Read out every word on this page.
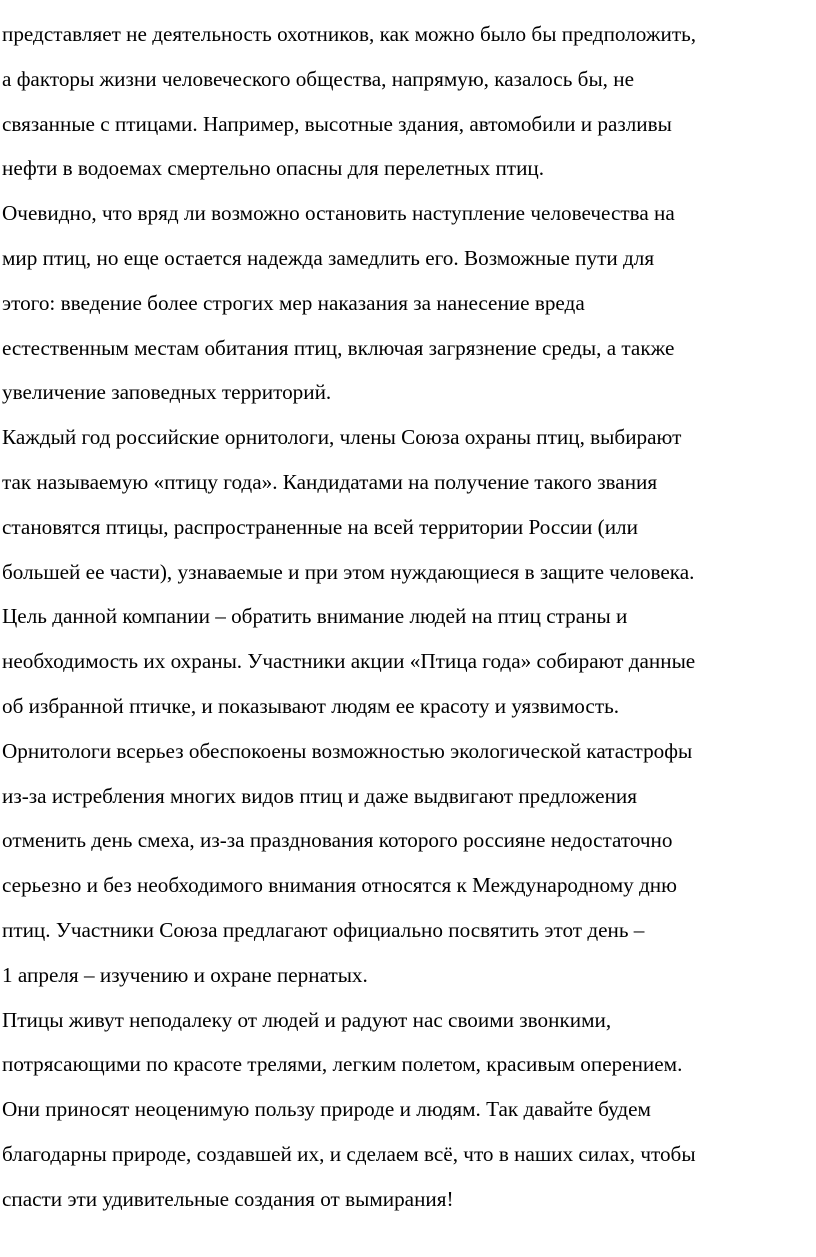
представляет не деятельность охотников, как можно было бы предположить,
а факторы жизни человеческого общества, напрямую, казалось бы, не
связанные с птицами. Например, высотные здания, автомобили и разливы
нефти в водоемах смертельно опасны для перелетных птиц.
Очевидно, что вряд ли возможно остановить наступление человечества на
мир птиц, но еще остается надежда замедлить его. Возможные пути для
этого: введение более строгих мер наказания за нанесение вреда
естественным местам обитания птиц, включая загрязнение среды, а также
увеличение заповедных территорий.
Каждый год российские орнитологи, члены Союза охраны птиц, выбирают
так называемую «птицу года». Кандидатами на получение такого звания
становятся птицы, распространенные на всей территории России (или
большей ее части), узнаваемые и при этом нуждающиеся в защите человека.
Цель данной компании – обратить внимание людей на птиц страны и
необходимость их охраны. Участники акции «Птица года» собирают данные
об избранной птичке, и показывают людям ее красоту и уязвимость.
Орнитологи всерьез обеспокоены возможностью экологической катастрофы
из-за истребления многих видов птиц и даже выдвигают предложения
отменить день смеха, из-за празднования которого россияне недостаточно
серьезно и без необходимого внимания относятся к Международному дню
птиц. Участники Союза предлагают официально посвятить этот день –
1 апреля – изучению и охране пернатых.
Птицы живут неподалеку от людей и радуют нас своими звонкими,
потрясающими по красоте трелями, легким полетом, красивым оперением.
Они приносят неоценимую пользу природе и людям. Так давайте будем
благодарны природе, создавшей их, и сделаем всё, что в наших силах, чтобы
спасти эти удивительные создания от вымирания!
